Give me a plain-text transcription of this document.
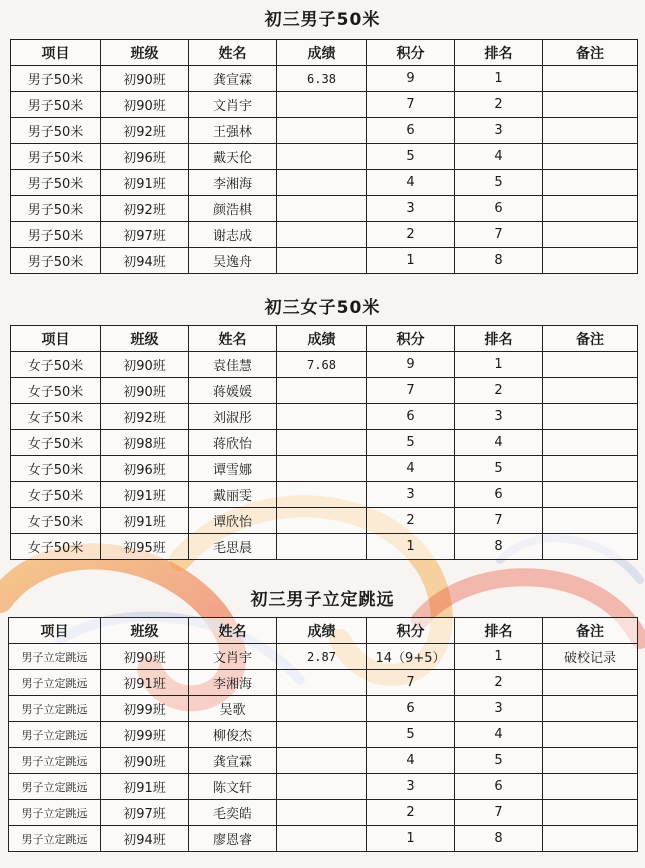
初三男子50米
项目	班级	姓名	成绩	积分	排名	备注
男子50米	初90班	龚宣霖	6.38	9	1	
男子50米	初90班	文肖宇		7	2	
男子50米	初92班	王强林		6	3	
男子50米	初96班	戴天伦		5	4	
男子50米	初91班	李湘海		4	5	
男子50米	初92班	颜浩棋		3	6	
男子50米	初97班	谢志成		2	7	
男子50米	初94班	吴逸舟		1	8	
初三女子50米
项目	班级	姓名	成绩	积分	排名	备注
女子50米	初90班	袁佳慧	7.68	9	1	
女子50米	初90班	蒋媛媛		7	2	
女子50米	初92班	刘淑彤		6	3	
女子50米	初98班	蒋欣怡		5	4	
女子50米	初96班	谭雪娜		4	5	
女子50米	初91班	戴丽雯		3	6	
女子50米	初91班	谭欣怡		2	7	
女子50米	初95班	毛思晨		1	8	
初三男子立定跳远
项目	班级	姓名	成绩	积分	排名	备注
男子立定跳远	初90班	文肖宇	2.87	14（9+5）	1	破校记录
男子立定跳远	初91班	李湘海		7	2	
男子立定跳远	初99班	吴歌		6	3	
男子立定跳远	初99班	柳俊杰		5	4	
男子立定跳远	初90班	龚宣霖		4	5	
男子立定跳远	初91班	陈文轩		3	6	
男子立定跳远	初97班	毛奕皓		2	7	
男子立定跳远	初94班	廖恩睿		1	8	
